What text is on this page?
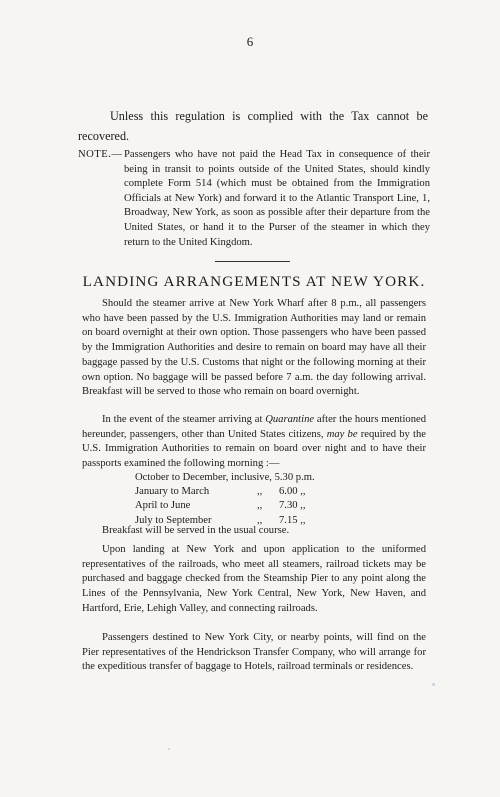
6
Unless this regulation is complied with the Tax cannot be recovered.
NOTE.— Passengers who have not paid the Head Tax in consequence of their being in transit to points outside of the United States, should kindly complete Form 514 (which must be obtained from the Immigration Officials at New York) and forward it to the Atlantic Transport Line, 1, Broadway, New York, as soon as possible after their departure from the United States, or hand it to the Purser of the steamer in which they return to the United Kingdom.
LANDING ARRANGEMENTS AT NEW YORK.
Should the steamer arrive at New York Wharf after 8 p.m., all passengers who have been passed by the U.S. Immigration Authorities may land or remain on board overnight at their own option. Those passengers who have been passed by the Immigration Authorities and desire to remain on board may have all their baggage passed by the U.S. Customs that night or the following morning at their own option. No baggage will be passed before 7 a.m. the day following arrival. Breakfast will be served to those who remain on board overnight.
In the event of the steamer arriving at Quarantine after the hours mentioned hereunder, passengers, other than United States citizens, may be required by the U.S. Immigration Authorities to remain on board over night and to have their passports examined the following morning :—
October to December, inclusive, 5.30 p.m.
January to March	,, 6.00 ,,
April to June	,, 7.30 ,,
July to September	,, 7.15 ,,
Breakfast will be served in the usual course.
Upon landing at New York and upon application to the uniformed representatives of the railroads, who meet all steamers, railroad tickets may be purchased and baggage checked from the Steamship Pier to any point along the Lines of the Pennsylvania, New York Central, New York, New Haven, and Hartford, Erie, Lehigh Valley, and connecting railroads.
Passengers destined to New York City, or nearby points, will find on the Pier representatives of the Hendrickson Transfer Company, who will arrange for the expeditious transfer of baggage to Hotels, railroad terminals or residences.
